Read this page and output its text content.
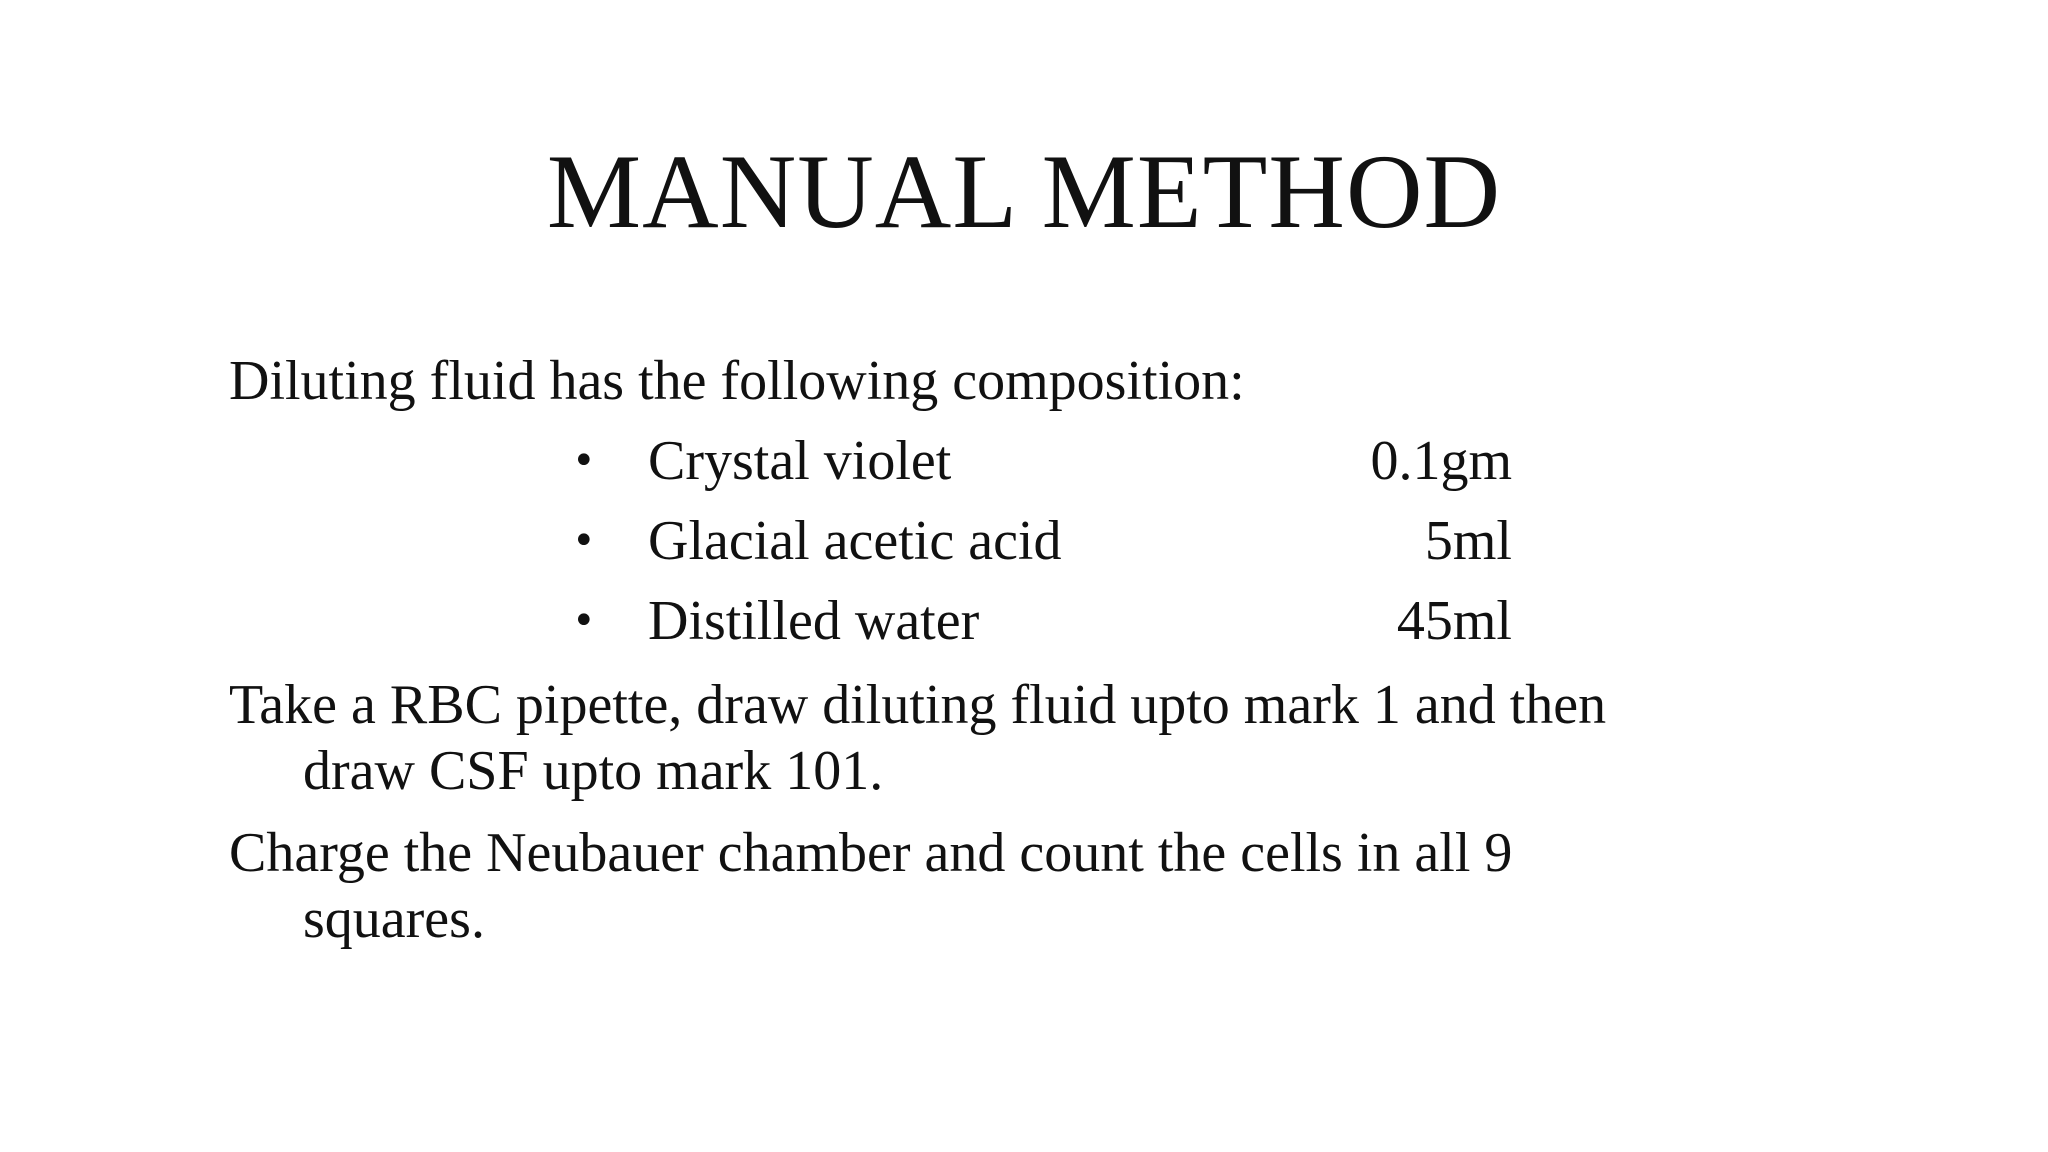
MANUAL METHOD

Diluting fluid has the following composition:

• Crystal violet	0.1gm
• Glacial acetic acid	5ml
• Distilled water	45ml

Take a RBC pipette, draw diluting fluid upto mark 1 and then
draw CSF upto mark 101.

Charge the Neubauer chamber and count the cells in all 9
squares.
